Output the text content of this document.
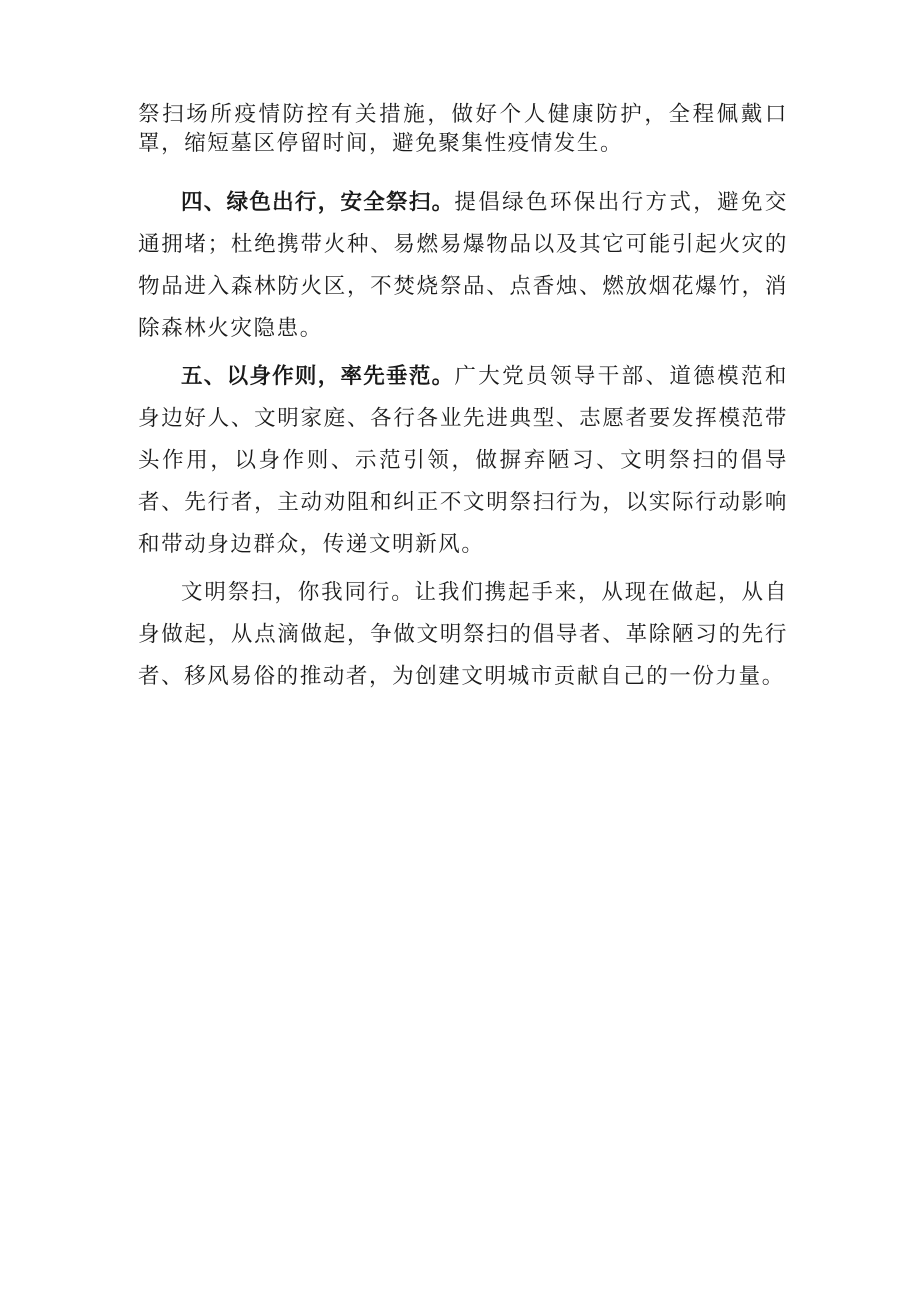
祭扫场所疫情防控有关措施，做好个人健康防护，全程佩戴口罩，缩短墓区停留时间，避免聚集性疫情发生。

四、绿色出行，安全祭扫。提倡绿色环保出行方式，避免交通拥堵；杜绝携带火种、易燃易爆物品以及其它可能引起火灾的物品进入森林防火区，不焚烧祭品、点香烛、燃放烟花爆竹，消除森林火灾隐患。

五、以身作则，率先垂范。广大党员领导干部、道德模范和身边好人、文明家庭、各行各业先进典型、志愿者要发挥模范带头作用，以身作则、示范引领，做摒弃陋习、文明祭扫的倡导者、先行者，主动劝阻和纠正不文明祭扫行为，以实际行动影响和带动身边群众，传递文明新风。

文明祭扫，你我同行。让我们携起手来，从现在做起，从自身做起，从点滴做起，争做文明祭扫的倡导者、革除陋习的先行者、移风易俗的推动者，为创建文明城市贡献自己的一份力量。
